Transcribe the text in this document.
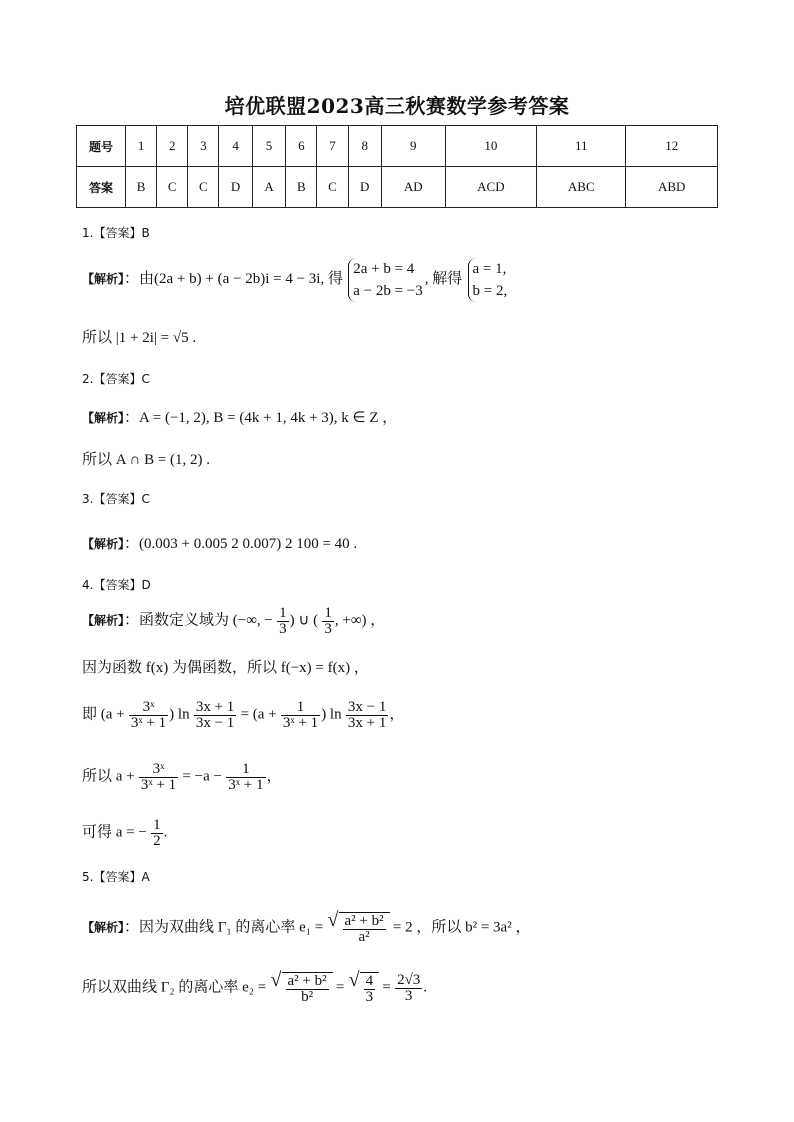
培优联盟2023高三秋赛数学参考答案
题号	1	2	3	4	5	6	7	8	9	10	11	12
答案	B	C	C	D	A	B	C	D	AD	ACD	ABC	ABD
1.【答案】B
【解析】：由(2a + b) + (a − 2b)i = 4 − 3i, 得
2a + b = 4
a − 2b = −3
, 解得
a = 1,
b = 2,
所以 |1 + 2i| = √5 .
2.【答案】C
【解析】：A = (−1, 2), B = (4k + 1, 4k + 3), k ∈ Z ，
所以 A ∩ B = (1, 2) .
3.【答案】C
【解析】：(0.003 + 0.005 2 0.007) 2 100 = 40 .
4.【答案】D
【解析】：函数定义域为 (−∞, − $\frac{1}{3}$ ) ∪ ( $\frac{1}{3}$ , +∞) ，
因为函数 f(x) 为偶函数，所以 f(−x) = f(x) ，
即 ($a + \frac{\text{3ˣ}}{\text{3ˣ + 1}}$ ) $\ln \frac{3x + 1}{3x - 1} = (a + \frac{1}{\text{3ˣ + 1}}$ ) $\ln \frac{3x - 1}{3x + 1}$ ，
所以 $a + \frac{\text{3ˣ}}{\text{3ˣ + 1}} = -a - \frac{1}{\text{3ˣ + 1}}$ ，
可得 a = − $\frac{1}{2}$ .
5.【答案】A
【解析】：因为双曲线 Γ₁ 的离心率 e₁ = √ $\frac{\text{a² + b²}}{\text{a²}} = 2$ ，所以 b² = 3a² ，
所以双曲线 Γ₂ 的离心率 e₂ = √ $\frac{\text{a² + b²}}{\text{b²}}$ = √ $\frac{4}{3} = \frac{2√3}{3}$ .
